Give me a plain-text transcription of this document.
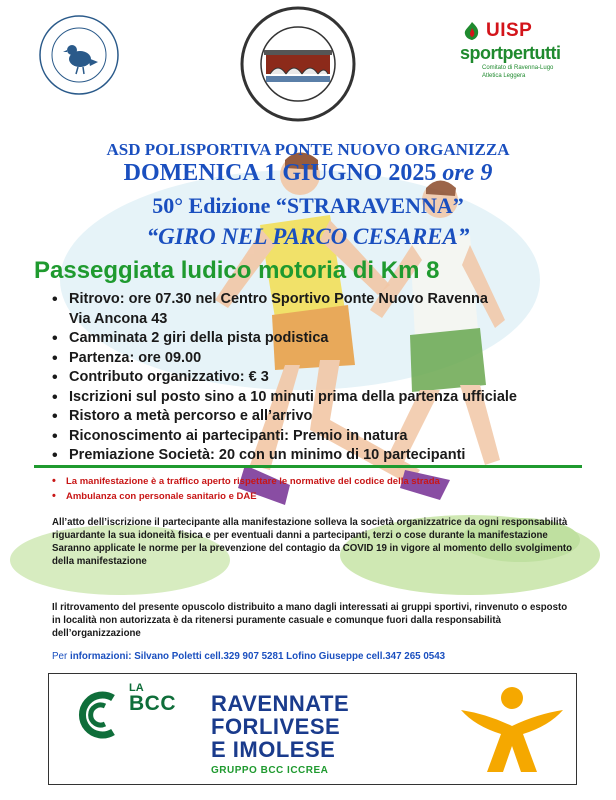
UISP
sportpertutti
Comitato di Ravenna-Lugo
Atletica Leggera
ASD POLISPORTIVA PONTE NUOVO ORGANIZZA
DOMENICA 1 GIUGNO 2025 ore 9
50° Edizione “STRARAVENNA”
“GIRO NEL PARCO CESAREA”
Passeggiata ludico motoria di Km 8
• Ritrovo: ore 07.30 nel Centro Sportivo Ponte Nuovo Ravenna
Via Ancona 43
• Camminata 2 giri della pista podistica
• Partenza: ore 09.00
• Contributo organizzativo: € 3
• Iscrizioni sul posto sino a 10 minuti prima della partenza ufficiale
• Ristoro a metà percorso e all’arrivo
• Riconoscimento ai partecipanti: Premio in natura
• Premiazione Società: 20 con un minimo di 10 partecipanti
• La manifestazione è a traffico aperto rispettare le normative del codice della strada
• Ambulanza con personale sanitario e DAE
All’atto dell’iscrizione il partecipante alla manifestazione solleva la società organizzatrice da ogni responsabilità riguardante la sua idoneità fisica e per eventuali danni a partecipanti, terzi o cose durante la manifestazione Saranno applicate le norme per la prevenzione del contagio da COVID 19 in vigore al momento dello svolgimento della manifestazione
Il ritrovamento del presente opuscolo distribuito a mano dagli interessati ai gruppi sportivi, rinvenuto o esposto in località non autorizzata è da ritenersi puramente casuale e comunque fuori dalla responsabilità dell’organizzazione
Per informazioni: Silvano Poletti cell.329 907 5281 Lofino Giuseppe cell.347 265 0543
LA
BCC RAVENNATE
FORLIVESE
E IMOLESE
GRUPPO BCC ICCREA
